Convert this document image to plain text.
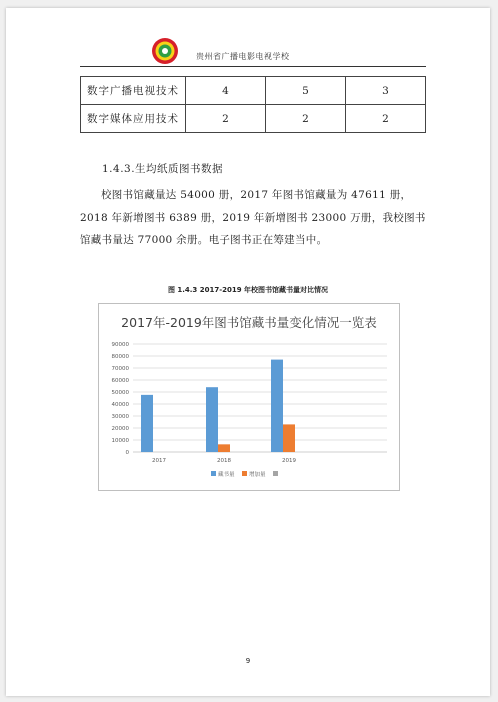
贵州省广播电影电视学校
数字广播电视技术	4	5	3
数字媒体应用技术	2	2	2
1.4.3.生均纸质图书数据

校图书馆藏量达 54000 册，2017 年图书馆藏量为 47611 册，2018 年新增图书 6389 册，2019 年新增图书 23000 万册，我校图书馆藏书量达 77000 余册。电子图书正在筹建当中。

图 1.4.3 2017-2019 年校图书馆藏书量对比情况
2017年-2019年图书馆藏书量变化情况一览表
0
10000
20000
30000
40000
50000
60000
70000
80000
90000
2017	2018	2019
藏书量	增加量
9
